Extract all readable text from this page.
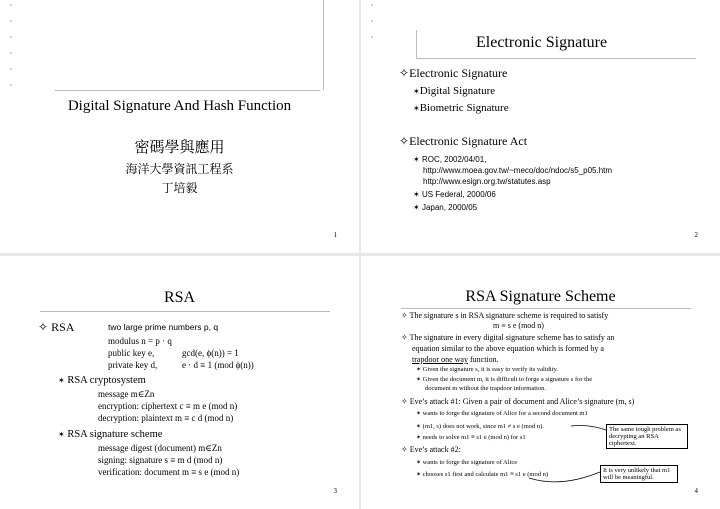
Digital Signature And Hash Function
密碼學與應用
海洋大學資訊工程系
丁培毅
1
Electronic Signature
✧Electronic Signature
✶Digital Signature
✶Biometric Signature
✧Electronic Signature Act
✶ ROC, 2002/04/01,
http://www.moea.gov.tw/~meco/doc/ndoc/s5_p05.htm
http://www.esign.org.tw/statutes.asp
✶ US Federal, 2000/06
✶ Japan, 2000/05
2
RSA
✧ RSA	two large prime numbers p, q
modulus n = p · q
public key e,	gcd(e, ϕ(n)) = 1
private key d,	e · d ≡ 1 (mod ϕ(n))
✶ RSA cryptosystem
message m∈Zn
encryption: ciphertext c ≡ m e (mod n)
decryption: plaintext m ≡ c d (mod n)
✶ RSA signature scheme
message digest (document) m∈Zn
signing: signature s ≡ m d (mod n)
verification: document m ≡ s e (mod n)
3
RSA Signature Scheme
✧ The signature s in RSA signature scheme is required to satisfy
m ≡ s e (mod n)
✧ The signature in every digital signature scheme has to satisfy an
equation similar to the above equation which is formed by a
trapdoor one way function.
✶ Given the signature s, it is easy to verify its validity.
✶ Given the document m, it is difficult to forge a signature s for the
document m without the trapdoor information.
✧ Eve’s attack #1: Given a pair of document and Alice’s signature (m, s)
✶ wants to forge the signature of Alice for a second document m1
✶ (m1, s) does not work, since m1 ≠ s e (mod n).
✶ needs to solve m1 ≡ s1 e (mod n) for s1
The same tough problem as decrypting an RSA ciphertext.
✧ Eve’s attack #2:
✶ wants to forge the signature of Alice
✶ chooses s1 first and calculate m1 ≡ s1 e (mod n)
It is very unlikely that m1 will be meaningful.
4
